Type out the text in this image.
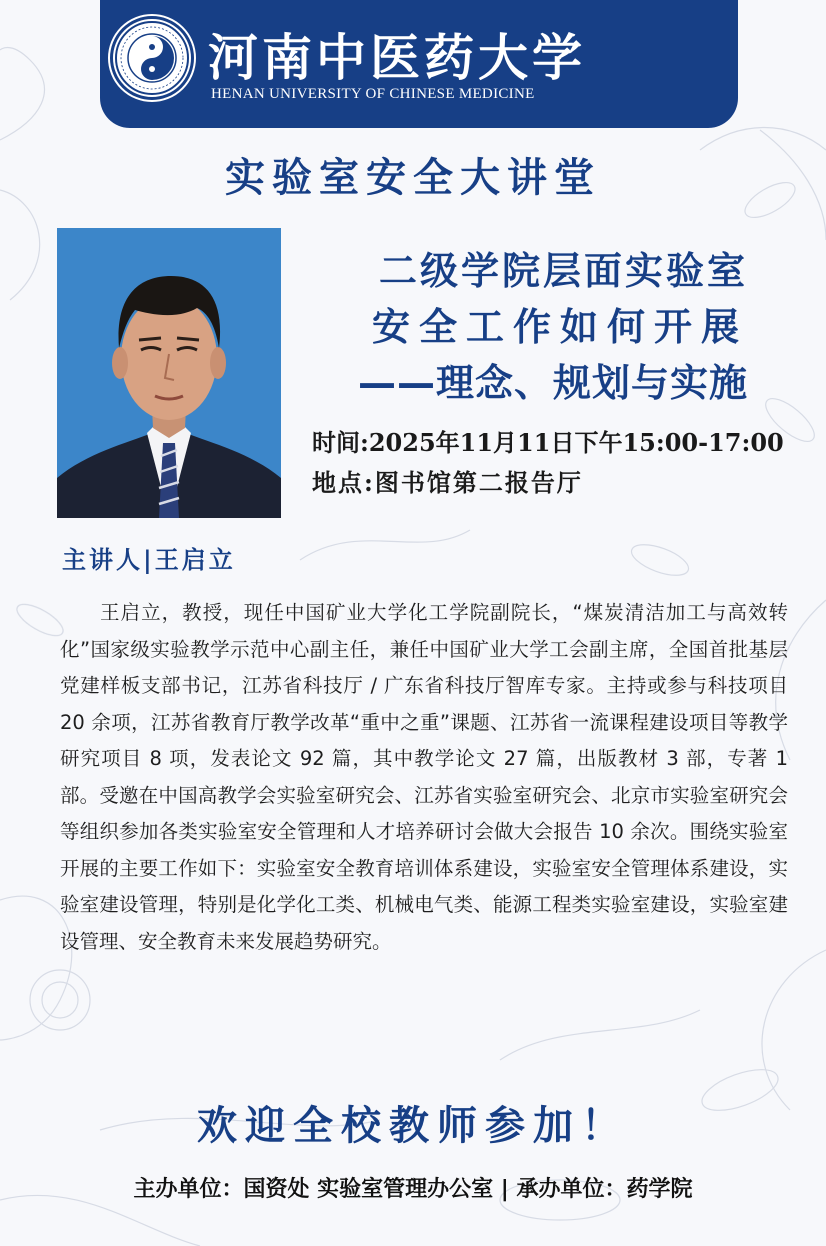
河南中医药大学
HENAN UNIVERSITY OF CHINESE MEDICINE
实验室安全大讲堂
二级学院层面实验室
安全工作如何开展
——理念、规划与实施
时间:2025年11月11日下午15:00-17:00
地点:图书馆第二报告厅
主讲人|王启立

王启立，教授，现任中国矿业大学化工学院副院长，“煤炭清洁加工与高效转化”国家级实验教学示范中心副主任，兼任中国矿业大学工会副主席，全国首批基层党建样板支部书记，江苏省科技厅 / 广东省科技厅智库专家。主持或参与科技项目 20 余项，江苏省教育厅教学改革“重中之重”课题、江苏省一流课程建设项目等教学研究项目 8 项，发表论文 92 篇，其中教学论文 27 篇，出版教材 3 部，专著 1 部。受邀在中国高教学会实验室研究会、江苏省实验室研究会、北京市实验室研究会等组织参加各类实验室安全管理和人才培养研讨会做大会报告 10 余次。围绕实验室开展的主要工作如下：实验室安全教育培训体系建设，实验室安全管理体系建设，实验室建设管理，特别是化学化工类、机械电气类、能源工程类实验室建设，实验室建设管理、安全教育未来发展趋势研究。

欢迎全校教师参加！
主办单位：国资处 实验室管理办公室 | 承办单位：药学院
